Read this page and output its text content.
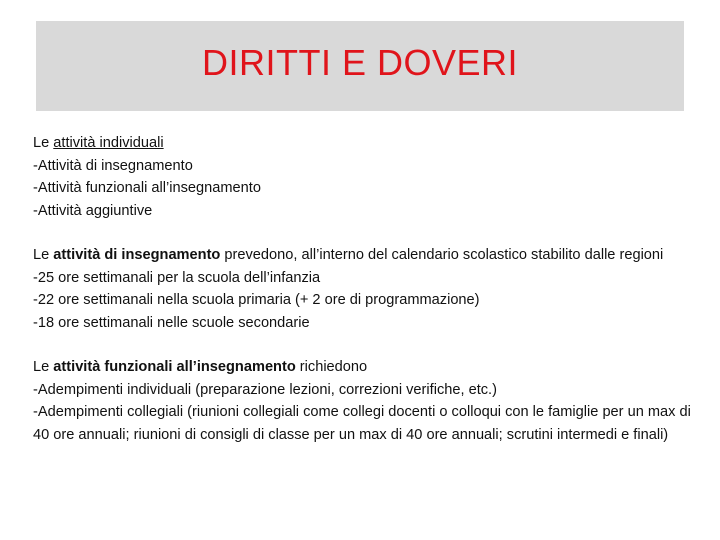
DIRITTI E DOVERI
Le attività individuali
-Attività di insegnamento
-Attività funzionali all’insegnamento
-Attività aggiuntive
Le attività di insegnamento prevedono, all’interno del calendario scolastico stabilito dalle regioni
-25 ore settimanali per la scuola dell’infanzia
-22 ore settimanali nella scuola primaria (+ 2 ore di programmazione)
-18 ore settimanali nelle scuole secondarie
Le attività funzionali all’insegnamento richiedono
-Adempimenti individuali (preparazione lezioni, correzioni verifiche, etc.)
-Adempimenti collegiali (riunioni collegiali come collegi docenti o colloqui con le famiglie per un max di 40 ore annuali; riunioni di consigli di classe per un max di 40 ore annuali; scrutini intermedi e finali)
